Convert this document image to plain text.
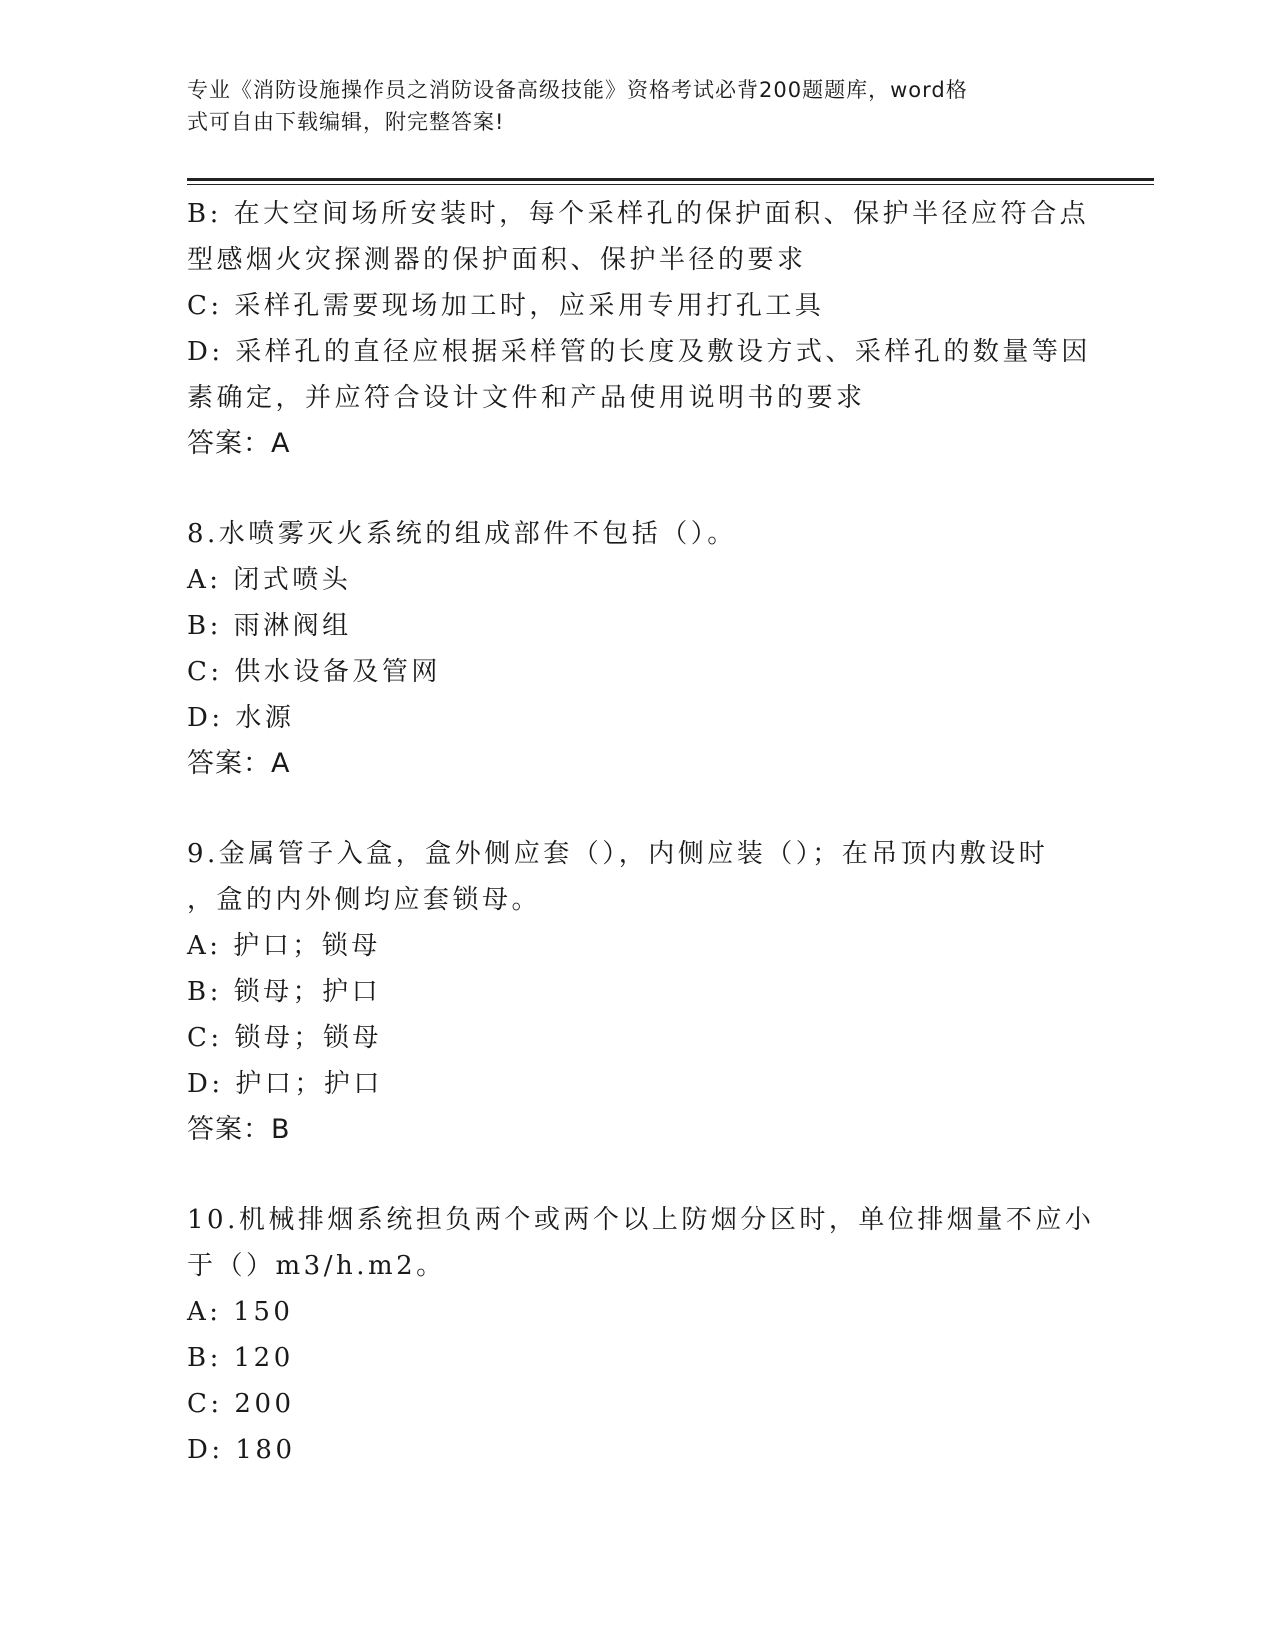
专业《消防设施操作员之消防设备高级技能》资格考试必背200题题库，word格
式可自由下载编辑，附完整答案!
B: 在大空间场所安装时，每个采样孔的保护面积、保护半径应符合点
型感烟火灾探测器的保护面积、保护半径的要求
C: 采样孔需要现场加工时，应采用专用打孔工具
D: 采样孔的直径应根据采样管的长度及敷设方式、采样孔的数量等因
素确定，并应符合设计文件和产品使用说明书的要求
答案：A
8.水喷雾灭火系统的组成部件不包括（）。
A: 闭式喷头
B: 雨淋阀组
C: 供水设备及管网
D: 水源
答案：A
9.金属管子入盒，盒外侧应套（），内侧应装（）；在吊顶内敷设时
，盒的内外侧均应套锁母。
A: 护口；锁母
B: 锁母；护口
C: 锁母；锁母
D: 护口；护口
答案：B
10.机械排烟系统担负两个或两个以上防烟分区时，单位排烟量不应小
于（）m3/h.m2。
A: 150
B: 120
C: 200
D: 180
